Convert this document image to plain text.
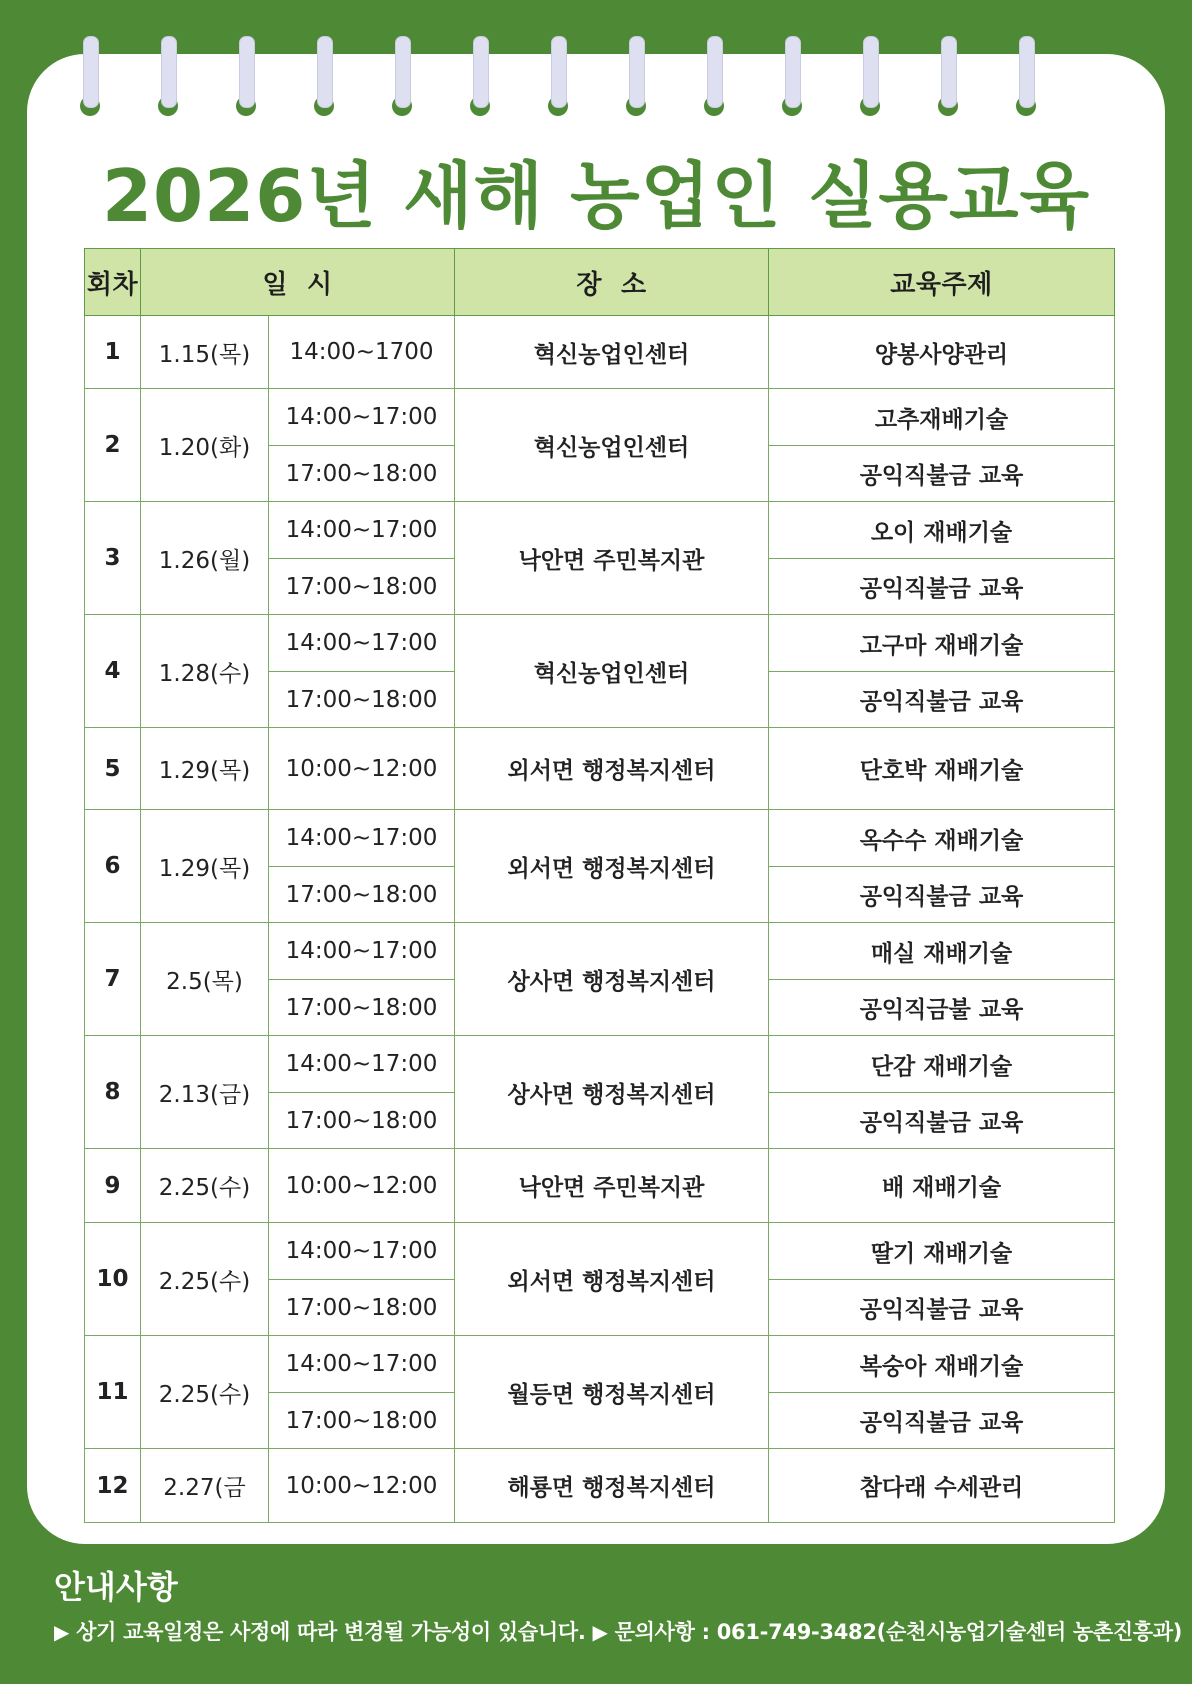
2026년 새해 농업인 실용교육
회차	일  시		장  소	교육주제
1	1.15(목)	14:00~1700	혁신농업인센터	양봉사양관리
2	1.20(화)	14:00~17:00	혁신농업인센터	고추재배기술
		17:00~18:00		공익직불금 교육
3	1.26(월)	14:00~17:00	낙안면 주민복지관	오이 재배기술
		17:00~18:00		공익직불금 교육
4	1.28(수)	14:00~17:00	혁신농업인센터	고구마 재배기술
		17:00~18:00		공익직불금 교육
5	1.29(목)	10:00~12:00	외서면 행정복지센터	단호박 재배기술
6	1.29(목)	14:00~17:00	외서면 행정복지센터	옥수수 재배기술
		17:00~18:00		공익직불금 교육
7	2.5(목)	14:00~17:00	상사면 행정복지센터	매실 재배기술
		17:00~18:00		공익직금불 교육
8	2.13(금)	14:00~17:00	상사면 행정복지센터	단감 재배기술
		17:00~18:00		공익직불금 교육
9	2.25(수)	10:00~12:00	낙안면 주민복지관	배 재배기술
10	2.25(수)	14:00~17:00	외서면 행정복지센터	딸기 재배기술
		17:00~18:00		공익직불금 교육
11	2.25(수)	14:00~17:00	월등면 행정복지센터	복숭아 재배기술
		17:00~18:00		공익직불금 교육
12	2.27(금	10:00~12:00	해룡면 행정복지센터	참다래 수세관리
안내사항
▶ 상기 교육일정은 사정에 따라 변경될 가능성이 있습니다. ▶ 문의사항 : 061-749-3482(순천시농업기술센터 농촌진흥과)
